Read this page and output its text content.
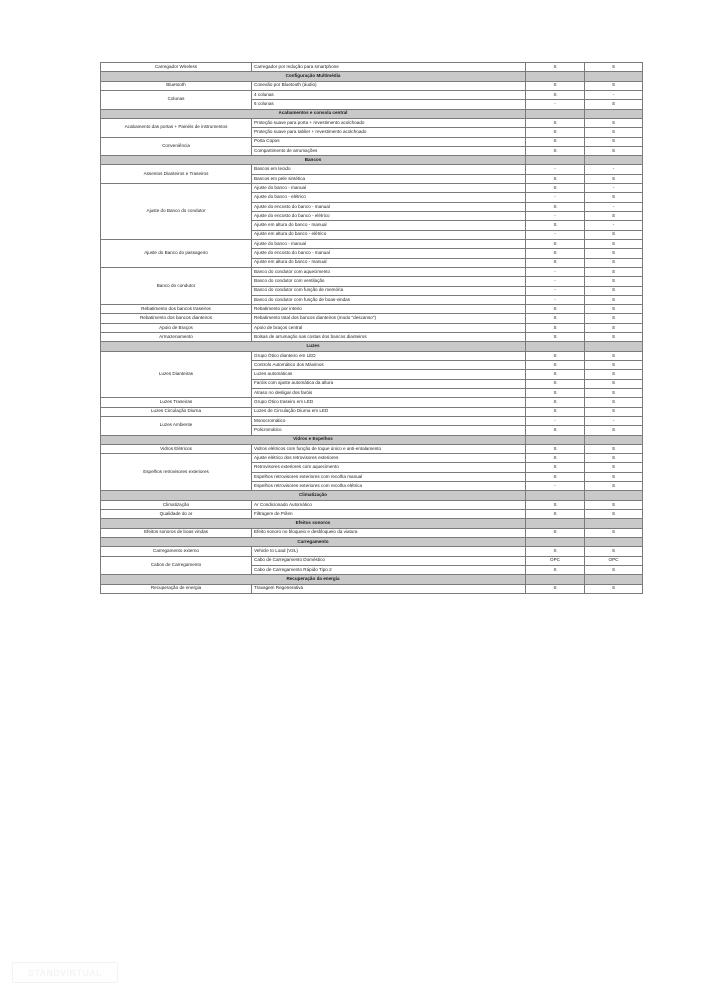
Carregador Wireless	Carregador por Indução para smartphone	S	S
Configuração Multimédia			
Bluetooth	Conexão por Bluetooth (áudio)	S	S
Colunas	4 colunas	S	-
	6 colunas	-	S
Acabamentos e consola central			
Acabamento das portas + Painéis de instrumentos	Proteção suave para porta + revestimento acolchoado	S	S
	Proteção suave para tablier + revestimento acolchoado	S	S
Conveniência	Porta Copos	S	S
	Compartimento de arrumações	S	S
Bancos			
Assentos Dianteiros e Traseiros	Bancos em tecido	-	-
	Bancos em pele sintética	S	S
Ajuste do Banco do condutor	Ajuste do banco - manual	S	-
	Ajuste do banco - elétrico	-	S
	Ajuste do encosto do banco - manual	S	-
	Ajuste do encosto do banco - elétrico	-	S
	Ajuste em altura do banco - manual	S	-
	Ajuste em altura do banco - elétrico	-	S
Ajuste do Banco do passageiro	Ajuste do banco - manual	S	S
	Ajuste do encosto do banco - manual	S	S
	Ajuste em altura do banco - manual	S	S
Banco do condutor	Banco do condutor com aquecimento	-	S
	Banco do condutor com ventilação	-	S
	Banco do condutor com função de memória	-	S
	Banco do condutor com função de boas-vindas	-	S
Rebatimento dos bancos traseiros	Rebatimento por inteiro	S	S
Rebatimento dos bancos dianteiros	Rebatimento total dos bancos dianteiros (modo "descanso")	S	S
Apoio de Braços	Apoio de braços central	S	S
Armazenamento	Bolsas de arrumação nas costas dos bancos dianteiros	S	S
Luzes			
Luzes Dianteiras	Grupo Ótico dianteiro em LED	S	S
	Controlo Automático dos Máximos	S	S
	Luzes automáticas	S	S
	Faróis com ajuste automática da altura	S	S
	Atraso no desligar dos faróis	S	S
Luzes Traseiras	Grupo Ótico traseiro em LED	S	S
Luzes Circulação Diurna	Luzes de Circulação Diurna em LED	S	S
Luzes Ambiente	Monocromático	-	-
	Policromático	S	S
Vidros e Espelhos			
Vidros Elétricos	Vidros elétricos com função de toque único e anti-entalamento	S	S
Espelhos retrovisores exteriores	Ajuste elétrico dos retrovisores exteriores	S	S
	Retrovisores exteriores com aquecimento	S	S
	Espelhos retrovisores exteriores com recolha manual	S	S
	Espelhos retrovisores exteriores com recolha elétrica	-	S
Climatização			
Climatização	Ar Condicionado Automático	S	S
Qualidade do ar	Filtragem de Pólen	S	S
Efeitos sonoros			
Efeitos sonoros de boas vindas	Efeito sonoro no bloqueio e desbloqueio da viatura	S	S
Carregamento			
Carregamento externo	Vehicle to Load (V2L)	S	S
Cabos de Carregamento	Cabo de Carregamento Doméstico	OPC	OPC
	Cabo de Carregamento Rápido Tipo 2	S	S
Recuperação da energia			
Recuperação de energia	Travagem Regenerativa	S	S
STANDVIRTUAL
